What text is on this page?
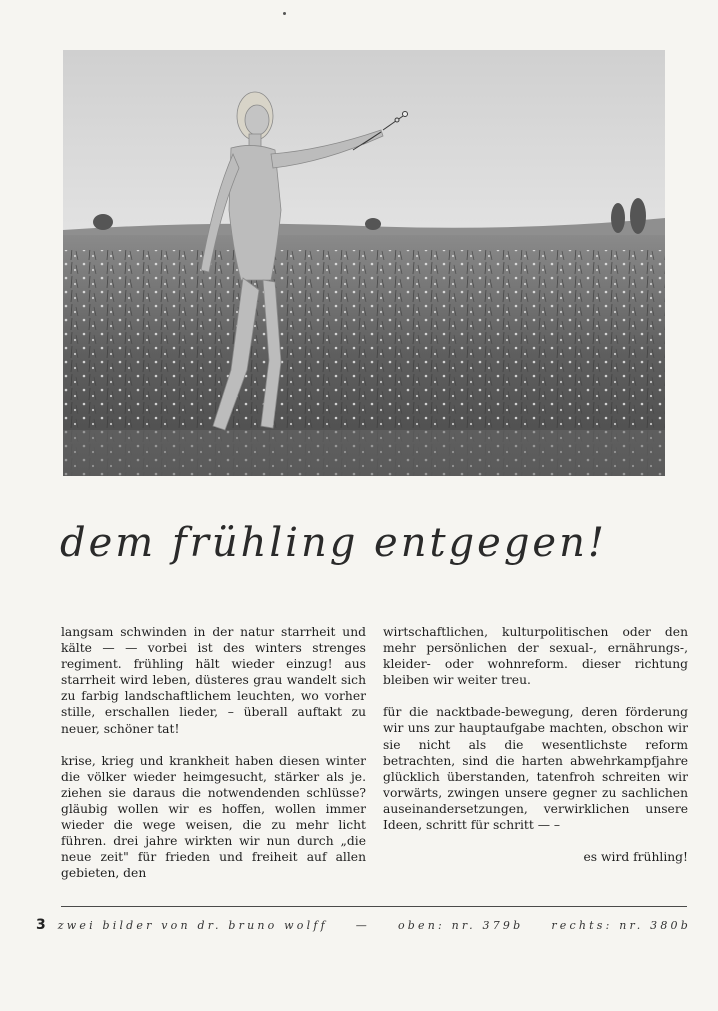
dem frühling entgegen!

langsam schwinden in der natur starrheit und kälte — — vorbei ist des winters strenges regiment. frühling hält wieder einzug! aus starrheit wird leben, düsteres grau wandelt sich zu farbig landschaftlichem leuchten, wo vorher stille, erschallen lieder, – überall auftakt zu neuer, schöner tat!

krise, krieg und krankheit haben diesen winter die völker wieder heimgesucht, stärker als je. ziehen sie daraus die notwendenden schlüsse? gläubig wollen wir es hoffen, wollen immer wieder die wege weisen, die zu mehr licht führen. drei jahre wirkten wir nun durch „die neue zeit" für frieden und freiheit auf allen gebieten, den

wirtschaftlichen, kulturpolitischen oder den mehr persönlichen der sexual-, ernährungs-, kleider- oder wohnreform. dieser richtung bleiben wir weiter treu.

für die nacktbade-bewegung, deren förderung wir uns zur hauptaufgabe machten, obschon wir sie nicht als die wesentlichste reform betrachten, sind die harten abwehrkampfjahre glücklich überstanden, tatenfroh schreiten wir vorwärts, zwingen unsere gegner zu sachlichen auseinandersetzungen, verwirklichen unsere Ideen, schritt für schritt — –

es wird frühling!

3 zwei bilder von dr. bruno wolff	—	oben: nr. 379b	rechts: nr. 380b
